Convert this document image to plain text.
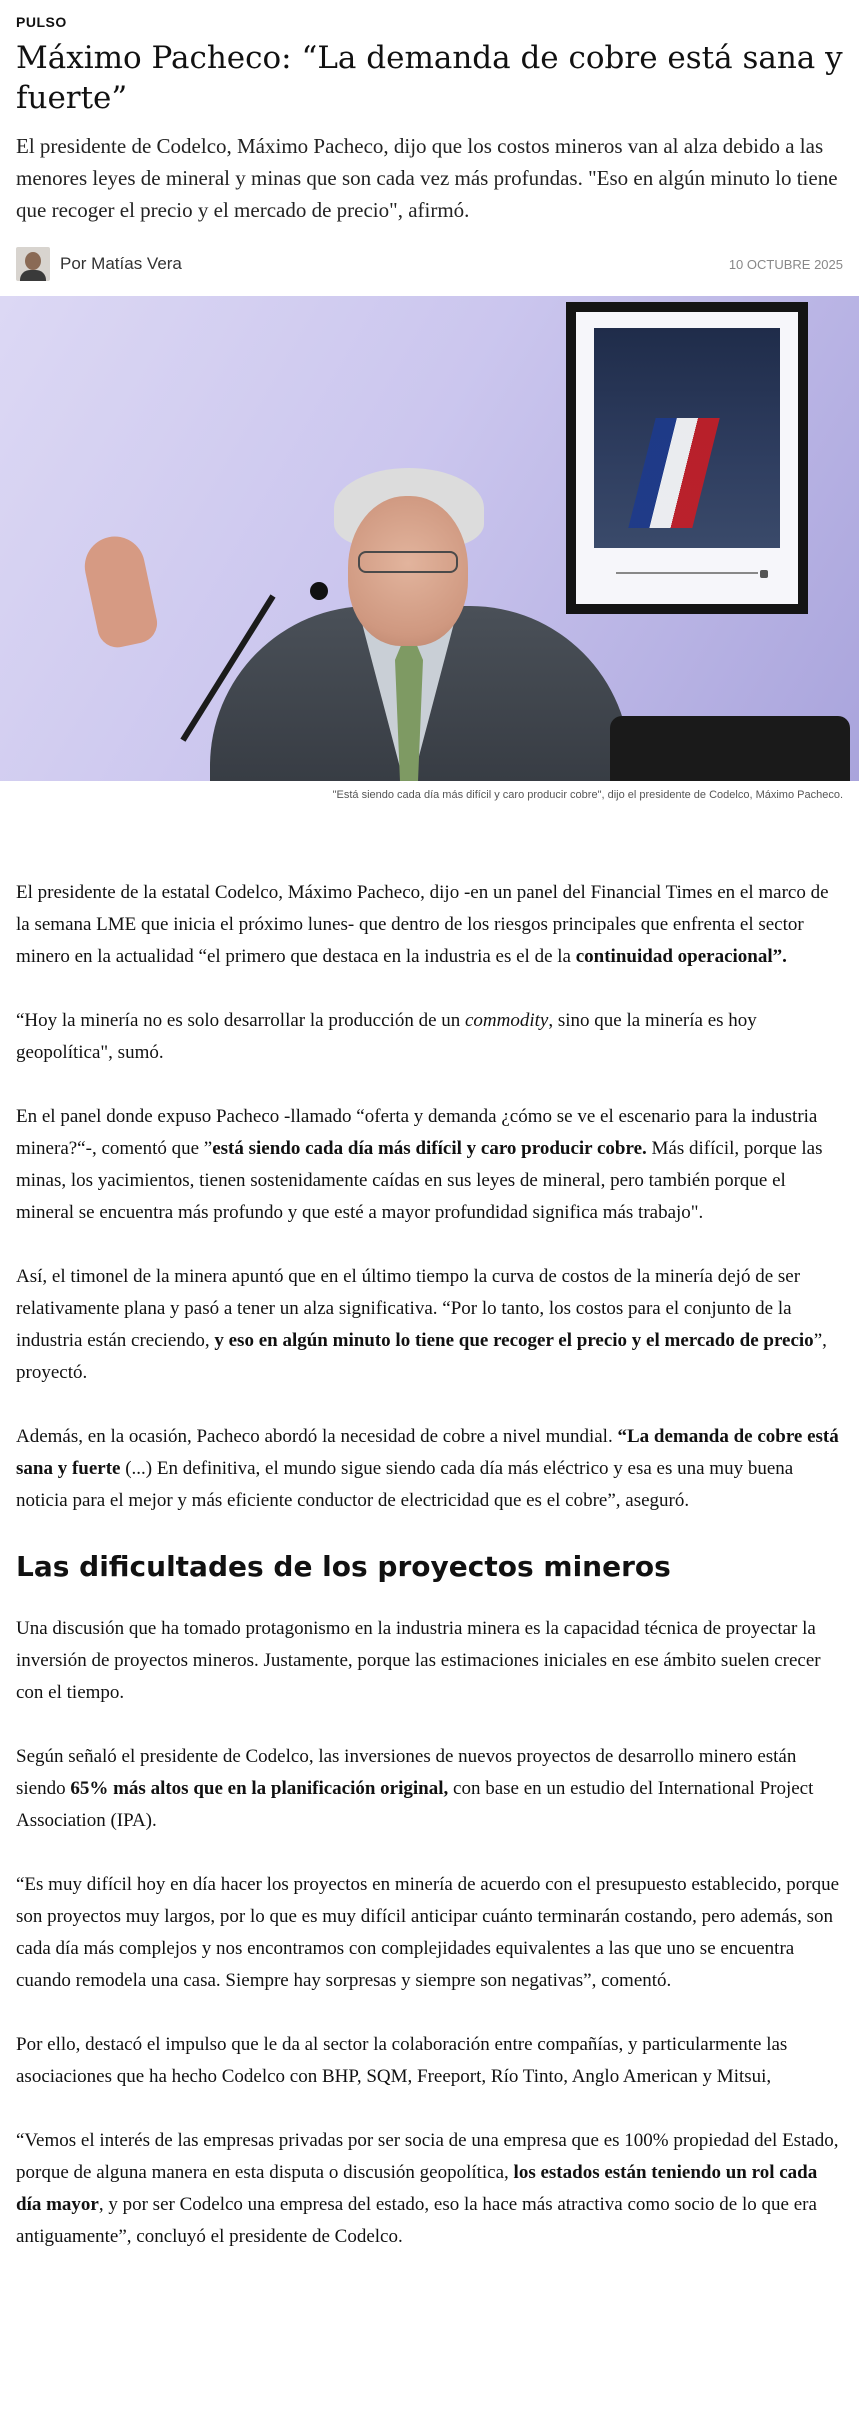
PULSO
Máximo Pacheco: “La demanda de cobre está sana y fuerte”

El presidente de Codelco, Máximo Pacheco, dijo que los costos mineros van al alza debido a las menores leyes de mineral y minas que son cada vez más profundas. "Eso en algún minuto lo tiene que recoger el precio y el mercado de precio", afirmó.

Por Matías Vera	10 OCTUBRE 2025
"Está siendo cada día más difícil y caro producir cobre", dijo el presidente de Codelco, Máximo Pacheco.

El presidente de la estatal Codelco, Máximo Pacheco, dijo -en un panel del Financial Times en el marco de la semana LME que inicia el próximo lunes- que dentro de los riesgos principales que enfrenta el sector minero en la actualidad “el primero que destaca en la industria es el de la continuidad operacional”.

“Hoy la minería no es solo desarrollar la producción de un commodity, sino que la minería es hoy geopolítica", sumó.

En el panel donde expuso Pacheco -llamado “oferta y demanda ¿cómo se ve el escenario para la industria minera?“-, comentó que ”está siendo cada día más difícil y caro producir cobre. Más difícil, porque las minas, los yacimientos, tienen sostenidamente caídas en sus leyes de mineral, pero también porque el mineral se encuentra más profundo y que esté a mayor profundidad significa más trabajo".

Así, el timonel de la minera apuntó que en el último tiempo la curva de costos de la minería dejó de ser relativamente plana y pasó a tener un alza significativa. “Por lo tanto, los costos para el conjunto de la industria están creciendo, y eso en algún minuto lo tiene que recoger el precio y el mercado de precio”, proyectó.

Además, en la ocasión, Pacheco abordó la necesidad de cobre a nivel mundial. “La demanda de cobre está sana y fuerte (...) En definitiva, el mundo sigue siendo cada día más eléctrico y esa es una muy buena noticia para el mejor y más eficiente conductor de electricidad que es el cobre”, aseguró.

Las dificultades de los proyectos mineros

Una discusión que ha tomado protagonismo en la industria minera es la capacidad técnica de proyectar la inversión de proyectos mineros. Justamente, porque las estimaciones iniciales en ese ámbito suelen crecer con el tiempo.

Según señaló el presidente de Codelco, las inversiones de nuevos proyectos de desarrollo minero están siendo 65% más altos que en la planificación original, con base en un estudio del International Project Association (IPA).

“Es muy difícil hoy en día hacer los proyectos en minería de acuerdo con el presupuesto establecido, porque son proyectos muy largos, por lo que es muy difícil anticipar cuánto terminarán costando, pero además, son cada día más complejos y nos encontramos con complejidades equivalentes a las que uno se encuentra cuando remodela una casa. Siempre hay sorpresas y siempre son negativas”, comentó.

Por ello, destacó el impulso que le da al sector la colaboración entre compañías, y particularmente las asociaciones que ha hecho Codelco con BHP, SQM, Freeport, Río Tinto, Anglo American y Mitsui,

“Vemos el interés de las empresas privadas por ser socia de una empresa que es 100% propiedad del Estado, porque de alguna manera en esta disputa o discusión geopolítica, los estados están teniendo un rol cada día mayor, y por ser Codelco una empresa del estado, eso la hace más atractiva como socio de lo que era antiguamente”, concluyó el presidente de Codelco.
